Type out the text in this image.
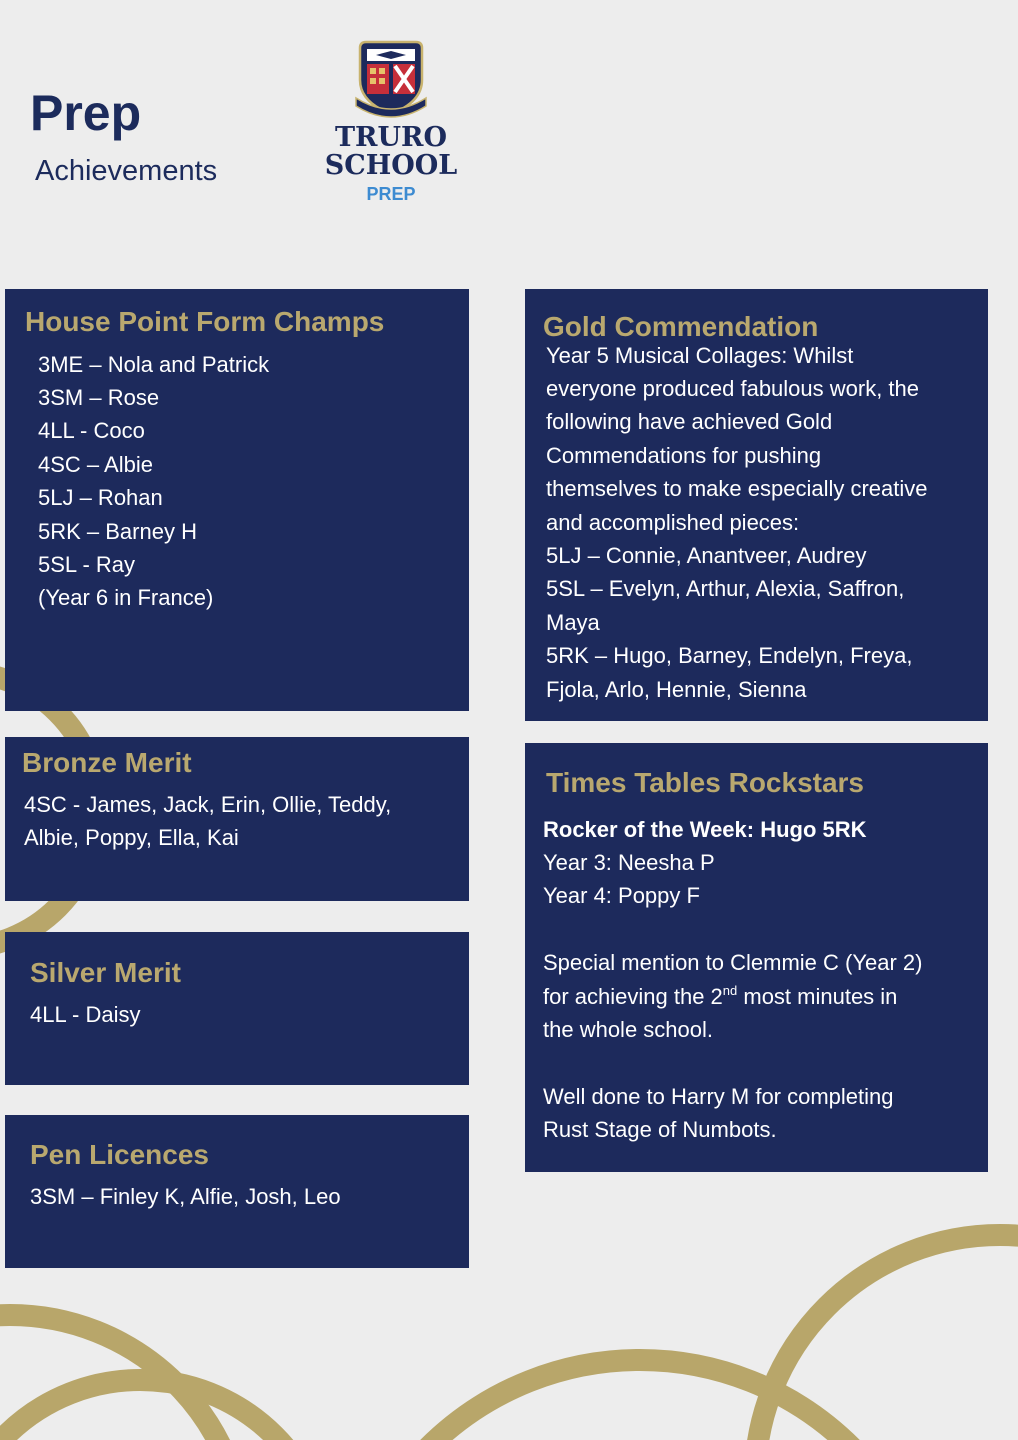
Prep
Achievements
TRURO
SCHOOL
PREP
House Point Form Champs
3ME – Nola and Patrick
3SM – Rose
4LL - Coco
4SC – Albie
5LJ – Rohan
5RK – Barney H
5SL - Ray
(Year 6 in France)
Gold Commendation
Year 5 Musical Collages: Whilst
everyone produced fabulous work, the
following have achieved Gold
Commendations for pushing
themselves to make especially creative
and accomplished pieces:
5LJ – Connie, Anantveer, Audrey
5SL – Evelyn, Arthur, Alexia, Saffron,
Maya
5RK – Hugo, Barney, Endelyn, Freya,
Fjola, Arlo, Hennie, Sienna
Bronze Merit
4SC - James, Jack, Erin, Ollie, Teddy,
Albie, Poppy, Ella, Kai
Times Tables Rockstars
Rocker of the Week: Hugo 5RK
Year 3: Neesha P
Year 4: Poppy F
Special mention to Clemmie C (Year 2)
for achieving the 2nd most minutes in
the whole school.
Well done to Harry M for completing
Rust Stage of Numbots.
Silver Merit
4LL - Daisy
Pen Licences
3SM – Finley K, Alfie, Josh, Leo
